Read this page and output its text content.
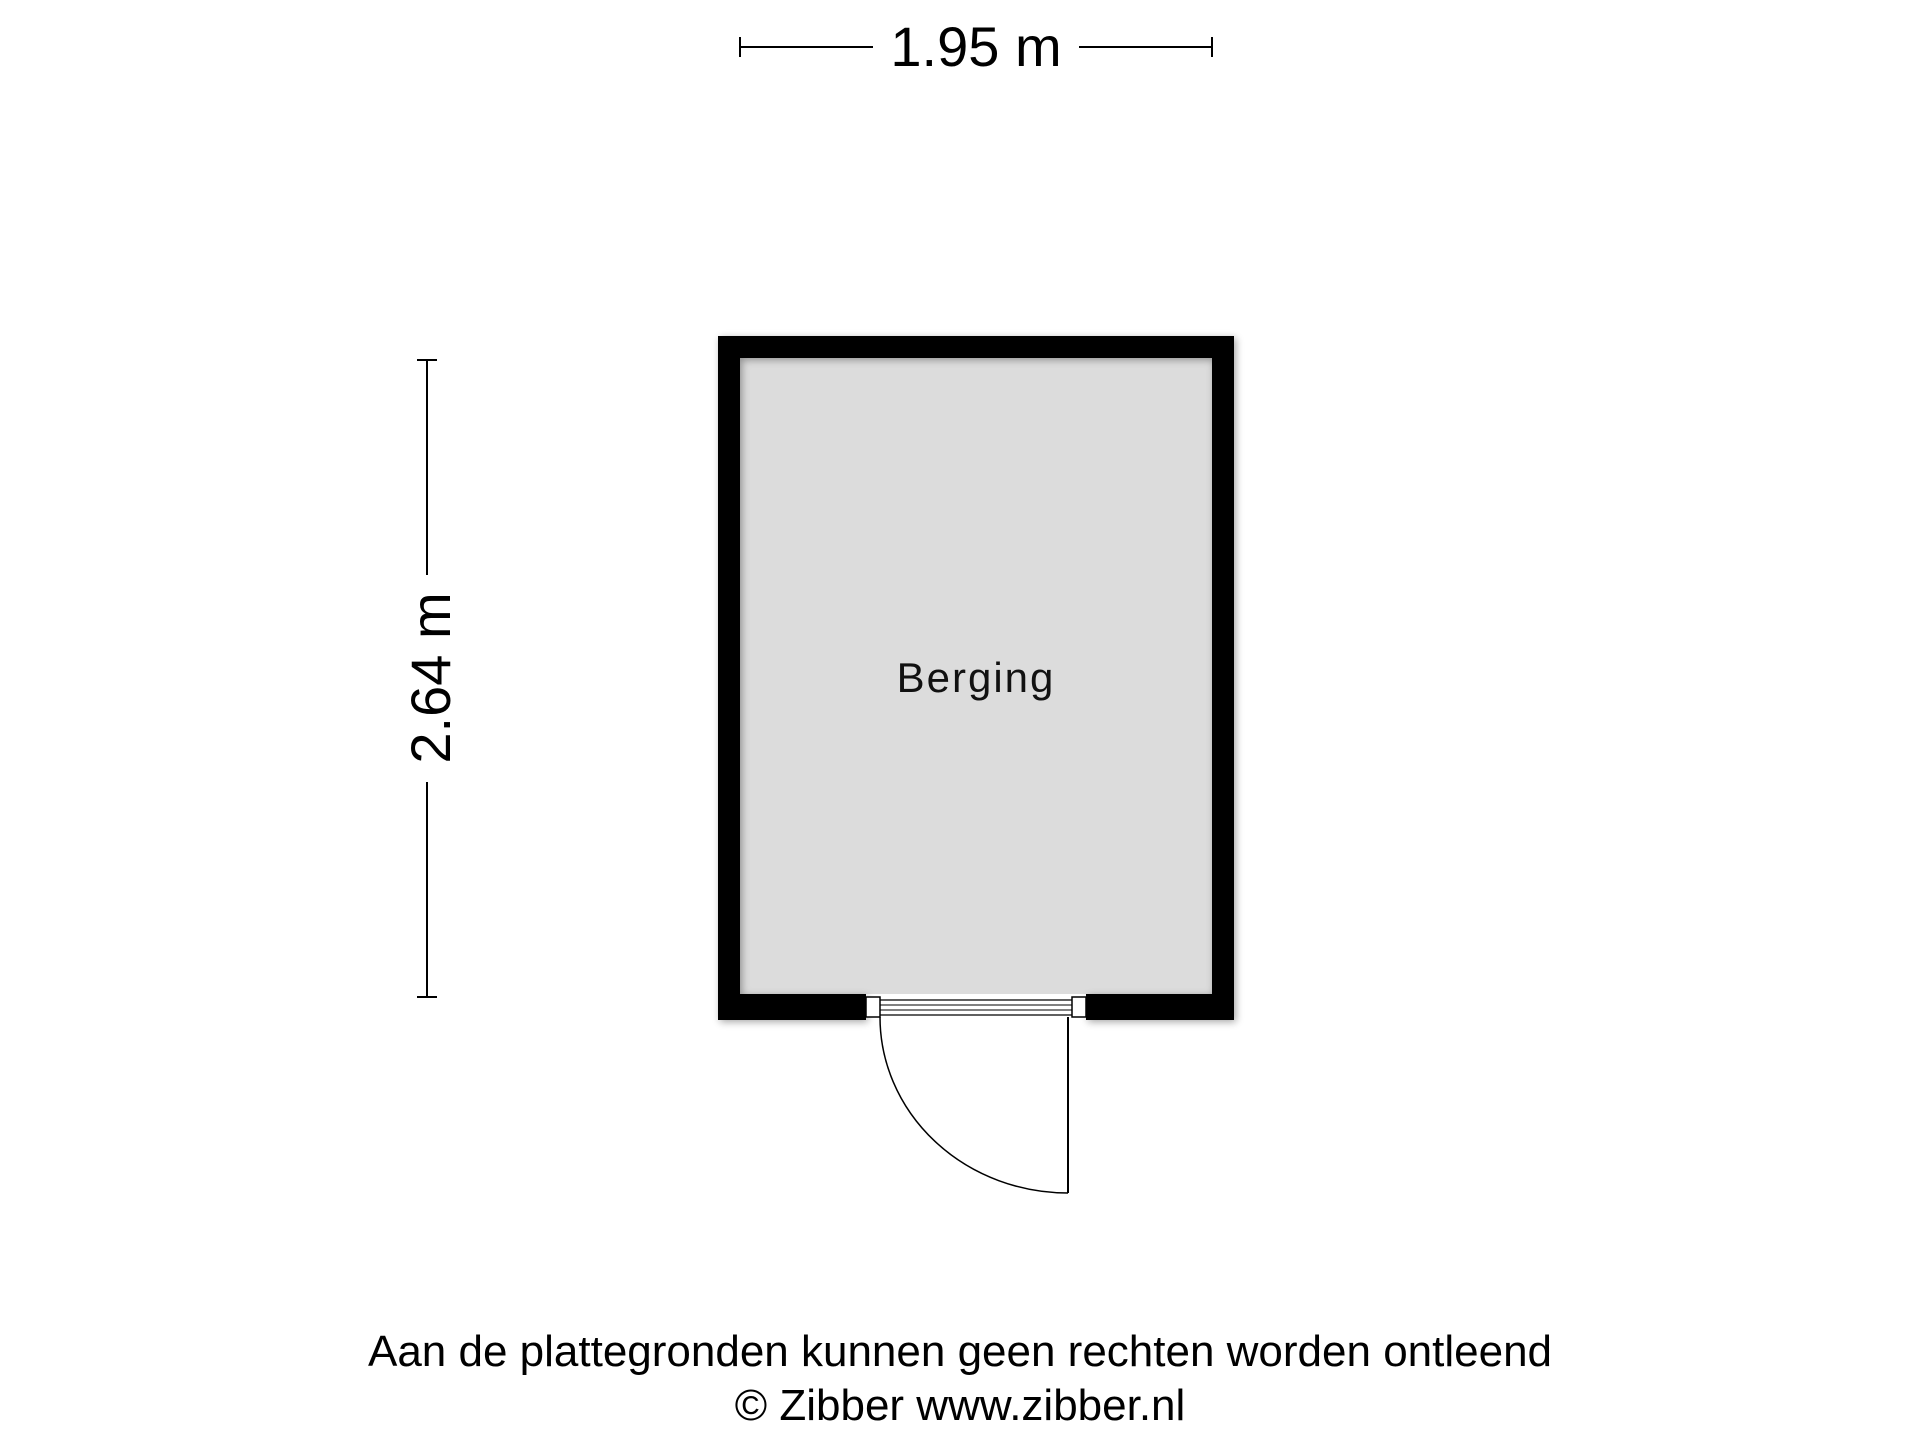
1.95 m
2.64 m	Berging
Aan de plattegronden kunnen geen rechten worden ontleend
© Zibber www.zibber.nl
